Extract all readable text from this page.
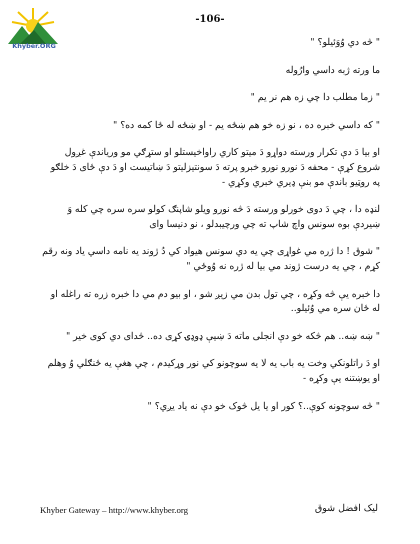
Khyber.ORG
-106-

" څه دي وُوَئيلو؟ "

ما ورته ژبه داسي وارُوله

" زما مطلب دا چي زه هم نر يم "

" که داسي خبره ده ، نو زه خو هم ښځه يم - او ښځه له ځا کمه ده؟ "

او بيا دَ دې تکرار ورسته دواړو دَ ميتو کاري راواخيستلو او ستړګي مو ورياندې غږول شروع کړې - محفه دَ نورو نورو خبرو پرته دَ سونتيزليتو دَ ښاتيست او دَ دې ځای دَ خلګو په روټيو باندې مو بنې ډيري خبري وکړي -

لنډه دا ، چي دَ دوی خورلو ورسته دَ څه نورو ويلو شاپنګ کولو سره سره چي کله وَ ښيردې بوه سونس واچ شاپ ته چي ورچيبدلو ، نو دنيسا وای

" شوق ! دا ژره مي غواړی چي يه دي سونس هيواد کي دُ ژوند يه نامه داسي ياد ونه رقم کړم ، چي يه درست ژوند مي بيا له ژره نه وُوځي "

دا خبره يې څه وکړه ، چي تول بدن مي زيږ شو ، او بيو دم مي دا خبره زره ته راغله او له ځان سره مي وُئيلو..

" ښه ښه.. هم څکه خو دې انجلی ماته دَ ښيې ډوډۍ کړی ده.. څدای دي کوی خير "

او دَ راتلونکي وخت يه باب يه لا يه سوچونو کي نور وړکيدم ، چي هغې يه ځنګلي وُ وهلم او يوښتنه يې وکړه -

" څه سوچونه کوې..؟ کور او يا يل څوک خو دې نه ياد يږي؟ "

Khyber Gateway – http://www.khyber.org	ليک افضل شوق
